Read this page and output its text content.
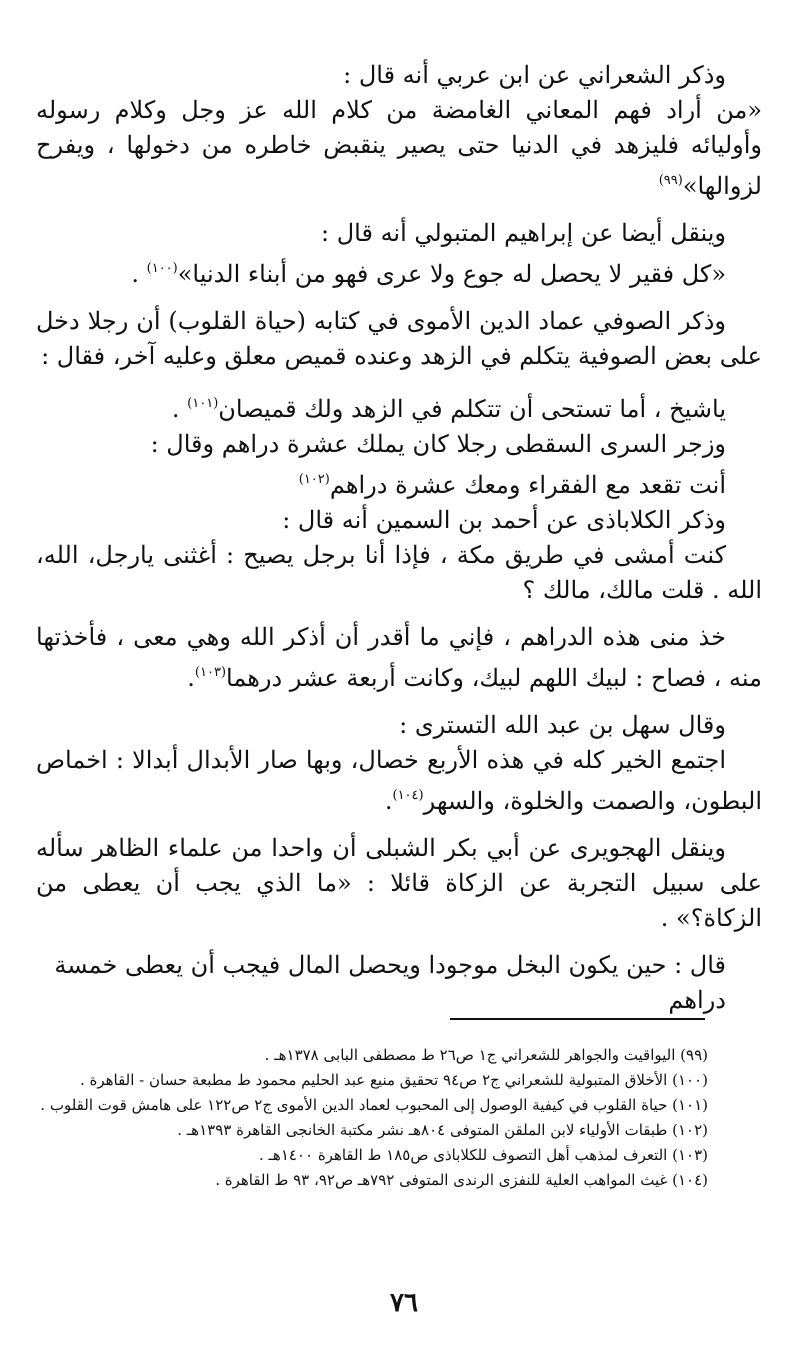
وذكر الشعراني عن ابن عربي أنه قال :

«من أراد فهم المعاني الغامضة من كلام الله عز وجل وكلام رسوله وأوليائه فليزهد في الدنيا حتى يصير ينقبض خاطره من دخولها ، ويفرح لزوالها»$^{(٩٩)}$

وينقل أيضا عن إبراهيم المتبولي أنه قال :

«كل فقير لا يحصل له جوع ولا عرى فهو من أبناء الدنيا»$^{(١٠٠)}$ .

وذكر الصوفي عماد الدين الأموى في كتابه (حياة القلوب) أن رجلا دخل على بعض الصوفية يتكلم في الزهد وعنده قميص معلق وعليه آخر، فقال :

ياشيخ ، أما تستحى أن تتكلم في الزهد ولك قميصان$^{(١٠١)}$ .

وزجر السرى السقطى رجلا كان يملك عشرة دراهم وقال :

أنت تقعد مع الفقراء ومعك عشرة دراهم$^{(١٠٢)}$

وذكر الكلاباذى عن أحمد بن السمين أنه قال :

كنت أمشى في طريق مكة ، فإذا أنا برجل يصيح : أغثنى يارجل، الله، الله . قلت مالك، مالك ؟

خذ منى هذه الدراهم ، فإني ما أقدر أن أذكر الله وهي معى ، فأخذتها منه ، فصاح : لبيك اللهم لبيك، وكانت أربعة عشر درهما$^{(١٠٣)}$.

وقال سهل بن عبد الله التسترى :

اجتمع الخير كله في هذه الأربع خصال، وبها صار الأبدال أبدالا : اخماص البطون، والصمت والخلوة، والسهر$^{(١٠٤)}$.

وينقل الهجويرى عن أبي بكر الشبلى أن واحدا من علماء الظاهر سأله على سبيل التجربة عن الزكاة قائلا : «ما الذي يجب أن يعطى من الزكاة؟» .

قال : حين يكون البخل موجودا ويحصل المال فيجب أن يعطى خمسة دراهم

(٩٩) اليواقيت والجواهر للشعراني ج١ ص٢٦ ط مصطفى البابى ١٣٧٨هـ .

(١٠٠) الأخلاق المتبولية للشعراني ج٢ ص٩٤ تحقيق منيع عبد الحليم محمود ط مطبعة حسان - القاهرة .

(١٠١) حياة القلوب في كيفية الوصول إلى المحبوب لعماد الدين الأموى ج٢ ص١٢٢ على هامش قوت القلوب .

(١٠٢) طبقات الأولياء لابن الملقن المتوفى ٨٠٤هـ نشر مكتبة الخانجى القاهرة ١٣٩٣هـ .

(١٠٣) التعرف لمذهب أهل التصوف للكلاباذى ص١٨٥ ط القاهرة ١٤٠٠هـ .

(١٠٤) غيث المواهب العلية للنفزى الرندى المتوفى ٧٩٢هـ ص٩٢، ٩٣ ط القاهرة .

٧٦
